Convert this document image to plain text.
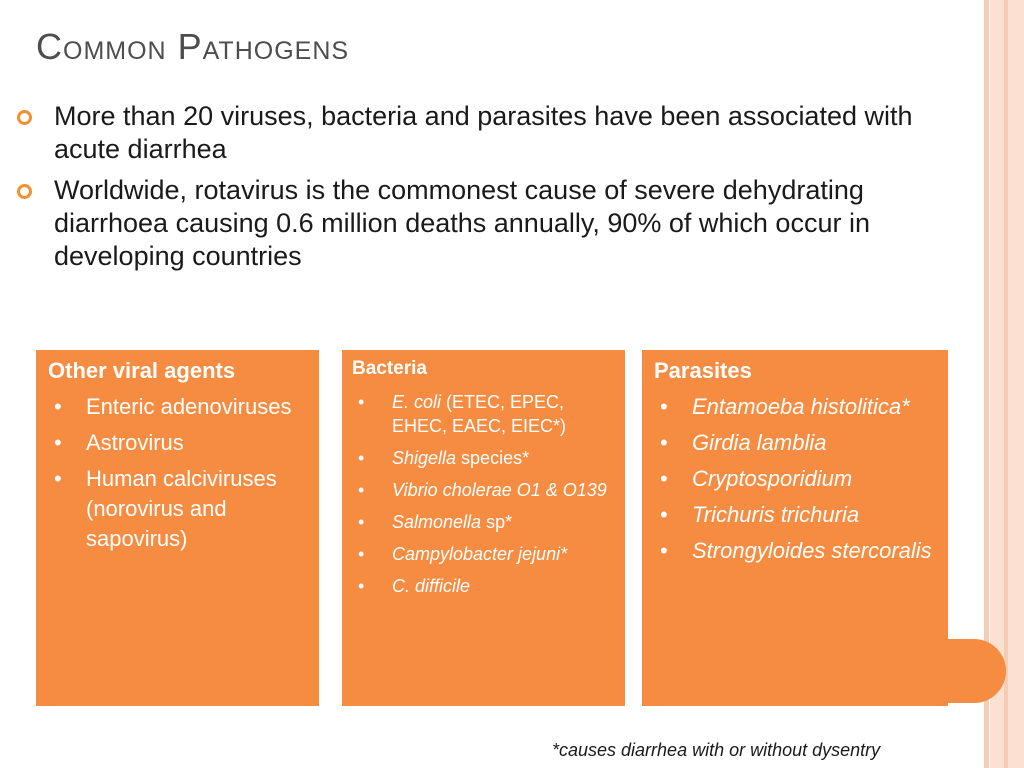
Common Pathogens
More than 20 viruses, bacteria and parasites have been associated with acute diarrhea
Worldwide, rotavirus is the commonest cause of severe dehydrating diarrhoea causing 0.6 million deaths annually, 90% of which occur in developing countries
Other viral agents
• Enteric adenoviruses
• Astrovirus
• Human calciviruses (norovirus and sapovirus)
Bacteria
• E. coli (ETEC, EPEC, EHEC, EAEC, EIEC*)
• Shigella species*
• Vibrio cholerae O1 & O139
• Salmonella sp*
• Campylobacter jejuni*
• C. difficile
Parasites
• Entamoeba histolitica*
• Girdia lamblia
• Cryptosporidium
• Trichuris trichuria
• Strongyloides stercoralis
*causes diarrhea with or without dysentry
